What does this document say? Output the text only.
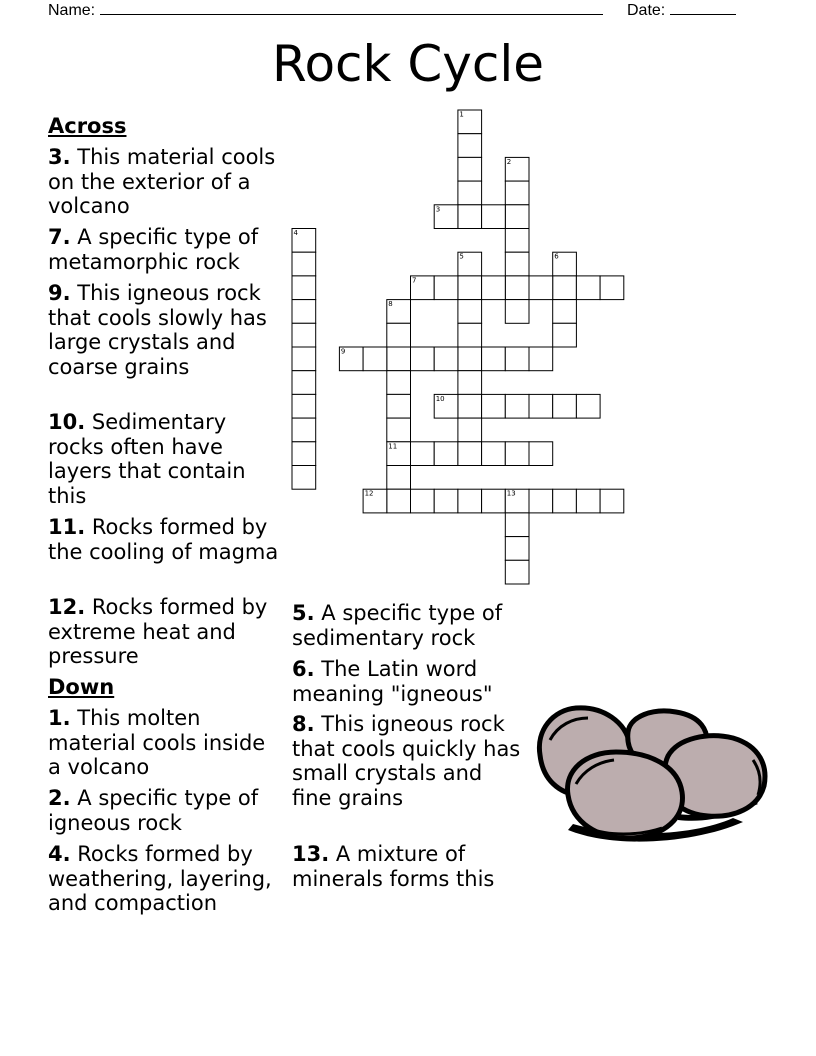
Name:	Date:
Rock Cycle
Across

3. This material cools on the exterior of a volcano

7. A specific type of metamorphic rock

9. This igneous rock that cools slowly has large crystals and coarse grains

10. Sedimentary rocks often have layers that contain this

11. Rocks formed by the cooling of magma

12. Rocks formed by extreme heat and pressure

Down

1. This molten material cools inside a volcano

2. A specific type of igneous rock

4. Rocks formed by weathering, layering, and compaction

5. A specific type of sedimentary rock

6. The Latin word meaning "igneous"

8. This igneous rock that cools quickly has small crystals and fine grains

13. A mixture of minerals forms this

1
2
3
4
5	6
7
8
11
9
10
12	13
